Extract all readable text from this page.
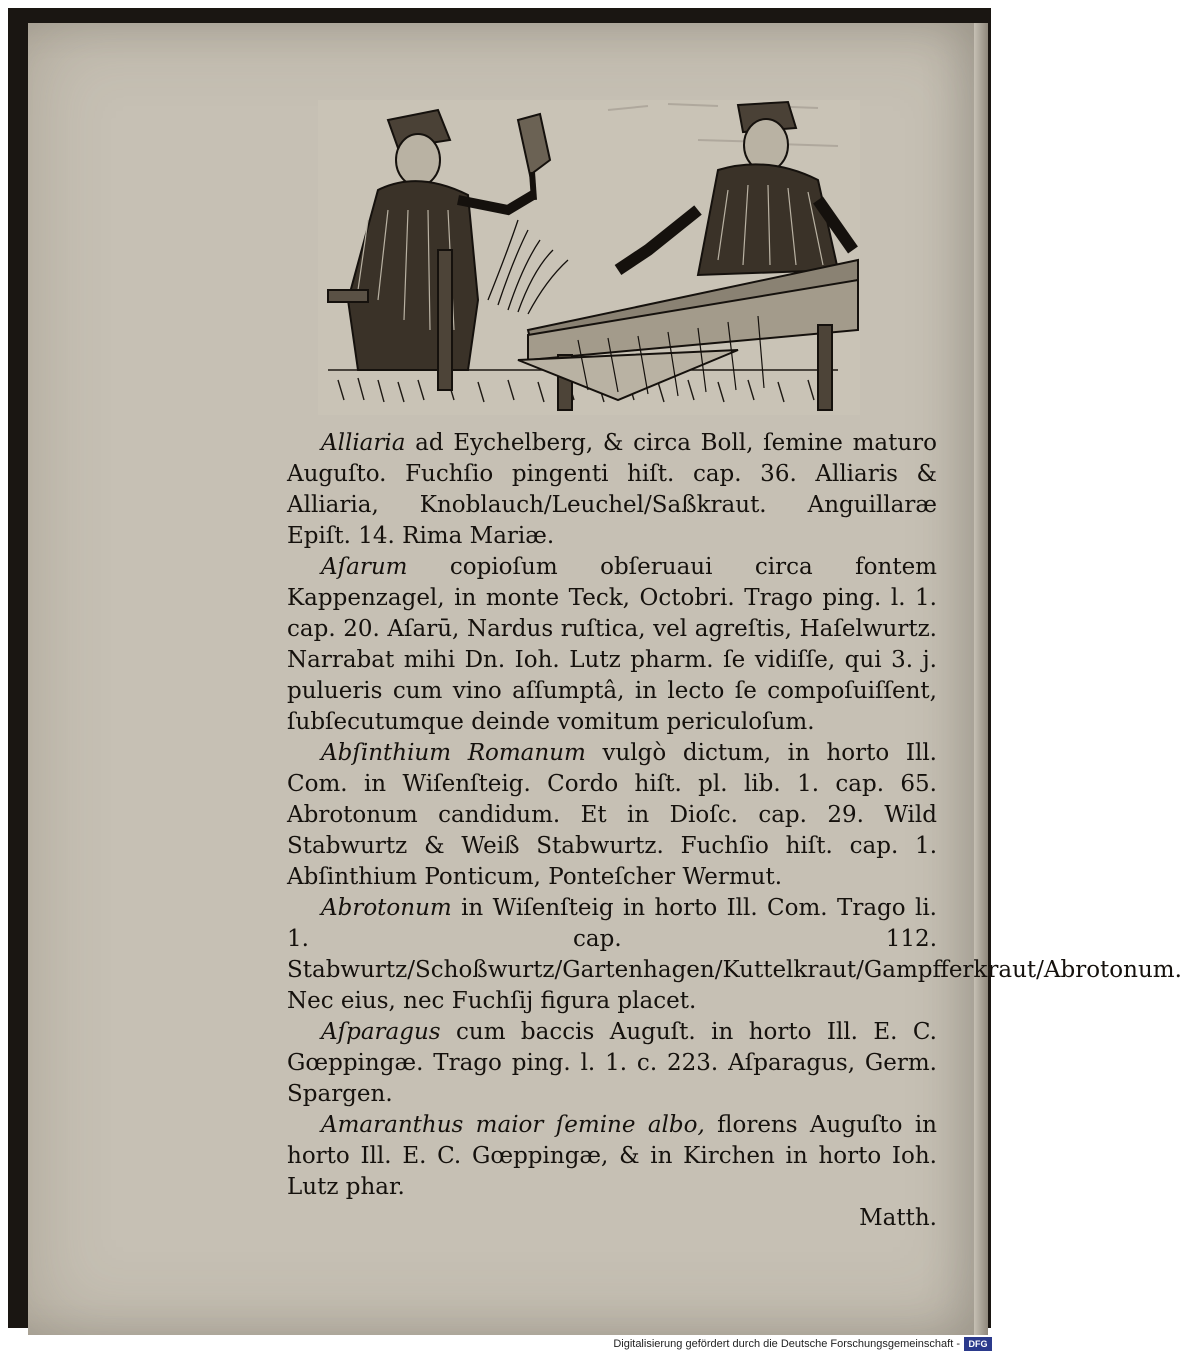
Alliaria ad Eychelberg, & circa Boll, ſemine maturo Auguſto. Fuchſio pingenti hiſt. cap. 36. Alliaris & Alliaria, Knoblauch/Leuchel/Saßkraut. Anguillaræ Epiſt. 14. Rima Mariæ.

Aſarum copioſum obſeruaui circa fontem Kappenzagel, in monte Teck, Octobri. Trago ping. l. 1. cap. 20. Aſarū, Nardus ruſtica, vel agreſtis, Haſelwurtz. Narrabat mihi Dn. Ioh. Lutz pharm. ſe vidiſſe, qui 3. j. pulueris cum vino aſſumptâ, in lecto ſe compoſuiſſent, ſubſecutumque deinde vomitum periculoſum.

Abſinthium Romanum vulgò dictum, in horto Ill. Com. in Wiſenſteig. Cordo hiſt. pl. lib. 1. cap. 65. Abrotonum candidum. Et in Dioſc. cap. 29. Wild Stabwurtz & Weiß Stabwurtz. Fuchſio hiſt. cap. 1. Abſinthium Ponticum, Ponteſcher Wermut.

Abrotonum in Wiſenſteig in horto Ill. Com. Trago li. 1. cap. 112. Stabwurtz/Schoßwurtz/Gartenhagen/Kuttelkraut/Gampfferkraut/Abrotonum. Nec eius, nec Fuchſij figura placet.

Aſparagus cum baccis Auguſt. in horto Ill. E. C. Gœppingæ. Trago ping. l. 1. c. 223. Aſparagus, Germ. Spargen.

Amaranthus maior ſemine albo, florens Auguſto in horto Ill. E. C. Gœppingæ, & in Kirchen in horto Ioh. Lutz phar.

Matth.

Digitalisierung gefördert durch die Deutsche Forschungsgemeinschaft - DFG
